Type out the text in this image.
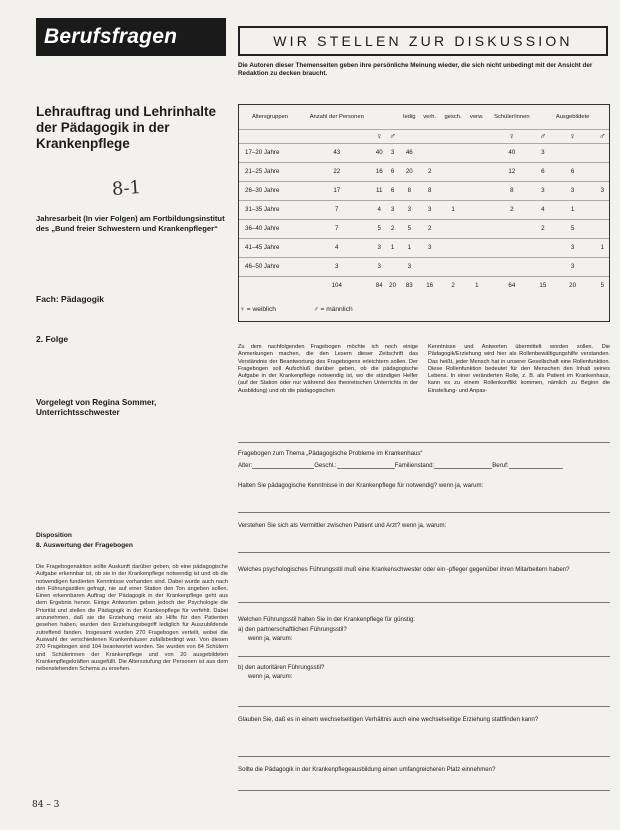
Berufsfragen	WIR STELLEN ZUR DISKUSSION
Die Autoren dieser Themenseiten geben ihre persönliche Meinung wieder, die sich nicht unbedingt mit der Ansicht der Redaktion zu decken braucht.
Lehrauftrag und Lehrinhalte der Pädagogik in der Krankenpflege
8-1
Jahresarbeit (In vier Folgen) am Fortbildungsinstitut des „Bund freier Schwestern und Krankenpfleger“
Fach: Pädagogik
2. Folge
Vorgelegt von Regina Sommer, Unterrichtsschwester
Disposition
8. Auswertung der Fragebogen
Die Fragebogenaktion sollte Auskunft darüber geben, ob eine pädagogische Aufgabe erkennbar ist, ob sie in der Krankenpflege notwendig ist und ob die notwendigen fundierten Kenntnisse vorhanden sind. Dabei wurde auch nach den Führungsstilen gefragt, nie auf einer Station den Ton angeben sollen. Einen erkennbaren Auftrag der Pädagogik in der Krankenpflege geht aus dem Ergebnis hervor. Einige Antworten geben jedoch der Psychologie die Priorität und stellen die Pädagogik in der Krankenpflege für verfehlt. Dabei anzunehmen, daß sie die Erziehung meist als Hilfe für den Patienten gesehen haben, wurden den Erziehungsbegriff lediglich für Auszubildende zutreffend fanden. Insgesamt wurden 270 Fragebogen verteilt, wobei die Auswahl der verschiedenen Krankenhäuser zufallsbedingt war. Von diesen 270 Fragebogen sind 104 beantwortet worden. Sie wurden von 84 Schülern und Schülerinnen der Krankenpflege und von 20 ausgebildeten Krankenpflegekräften ausgefüllt. Die Altersstufung der Personen ist aus dem nebenstehenden Schema zu ersehen.
84 – 3
Altersgruppen	Anzahl der Personen			ledig	verh.	gesch.	verw.	Schüler/innen		Ausgebildete	
		♀	♂					♀	♂	♀	♂
17–20 Jahre	43	40	3	46				40	3		
21–25 Jahre	22	16	6	20	2			12	6	6	
26–30 Jahre	17	11	6	8	8			8	3	3	3
31–35 Jahre	7	4	3	3	3	1		2	4	1	
36–40 Jahre	7	5	2	5	2				2	5	
41–45 Jahre	4	3	1	1	3					3	1
46–50 Jahre	3	3		3						3	
	104	84	20	83	16	2	1	64	15	20	5
♀ = weiblich	♂ = männlich
Zu dem nachfolgenden Fragebogen möchte ich noch einige Anmerkungen machen, die den Lesern dieser Zeitschrift das Verständnis der Beantwortung des Fragebogens erleichtern sollen. Der Fragebogen soll Aufschluß darüber geben, ob die pädagogische Aufgabe in der Krankenpflege notwendig ist, wo die ständigen Helfer (auf der Station oder nur während des theoretischen Unterrichts in der Ausbildung) und ob die pädagogischen
Kenntnisse und Antworten übermittelt worden sollen. Die Pädagogik/Erziehung wird hier als Rollenbewältigungshilfe verstanden. Das heißt, jeder Mensch hat in unserer Gesellschaft eine Rollenfunktion. Diese Rollenfunktion bedeutet für den Menschen den Inhalt seines Lebens. In einer veränderten Rolle, z. B. als Patient im Krankenhaus, kann es zu einem Rollenkonflikt kommen, nämlich zu Beginn die Einstellung- und Anpas-
Fragebogen zum Thema „Pädagogische Probleme im Krankenhaus“
Alter:	Geschl.:	Familienstand:	Beruf:
Halten Sie pädagogische Kenntnisse in der Krankenpflege für notwendig? wenn ja, warum:
Verstehen Sie sich als Vermittler zwischen Patient und Arzt? wenn ja, warum:
Welches psychologisches Führungsstil muß eine Krankenschwester oder ein -pfleger gegenüber ihren Mitarbeitern haben?
Welchen Führungsstil halten Sie in der Krankenpflege für günstig:
a) den partnerschaftlichen Führungsstil?
wenn ja, warum:
b) den autoritären Führungsstil?
wenn ja, warum:
Glauben Sie, daß es in einem wechselseitigen Verhältnis auch eine wechselseitige Erziehung stattfinden kann?
Sollte die Pädagogik in der Krankenpflegeausbildung einen umfangreicheren Platz einnehmen?
